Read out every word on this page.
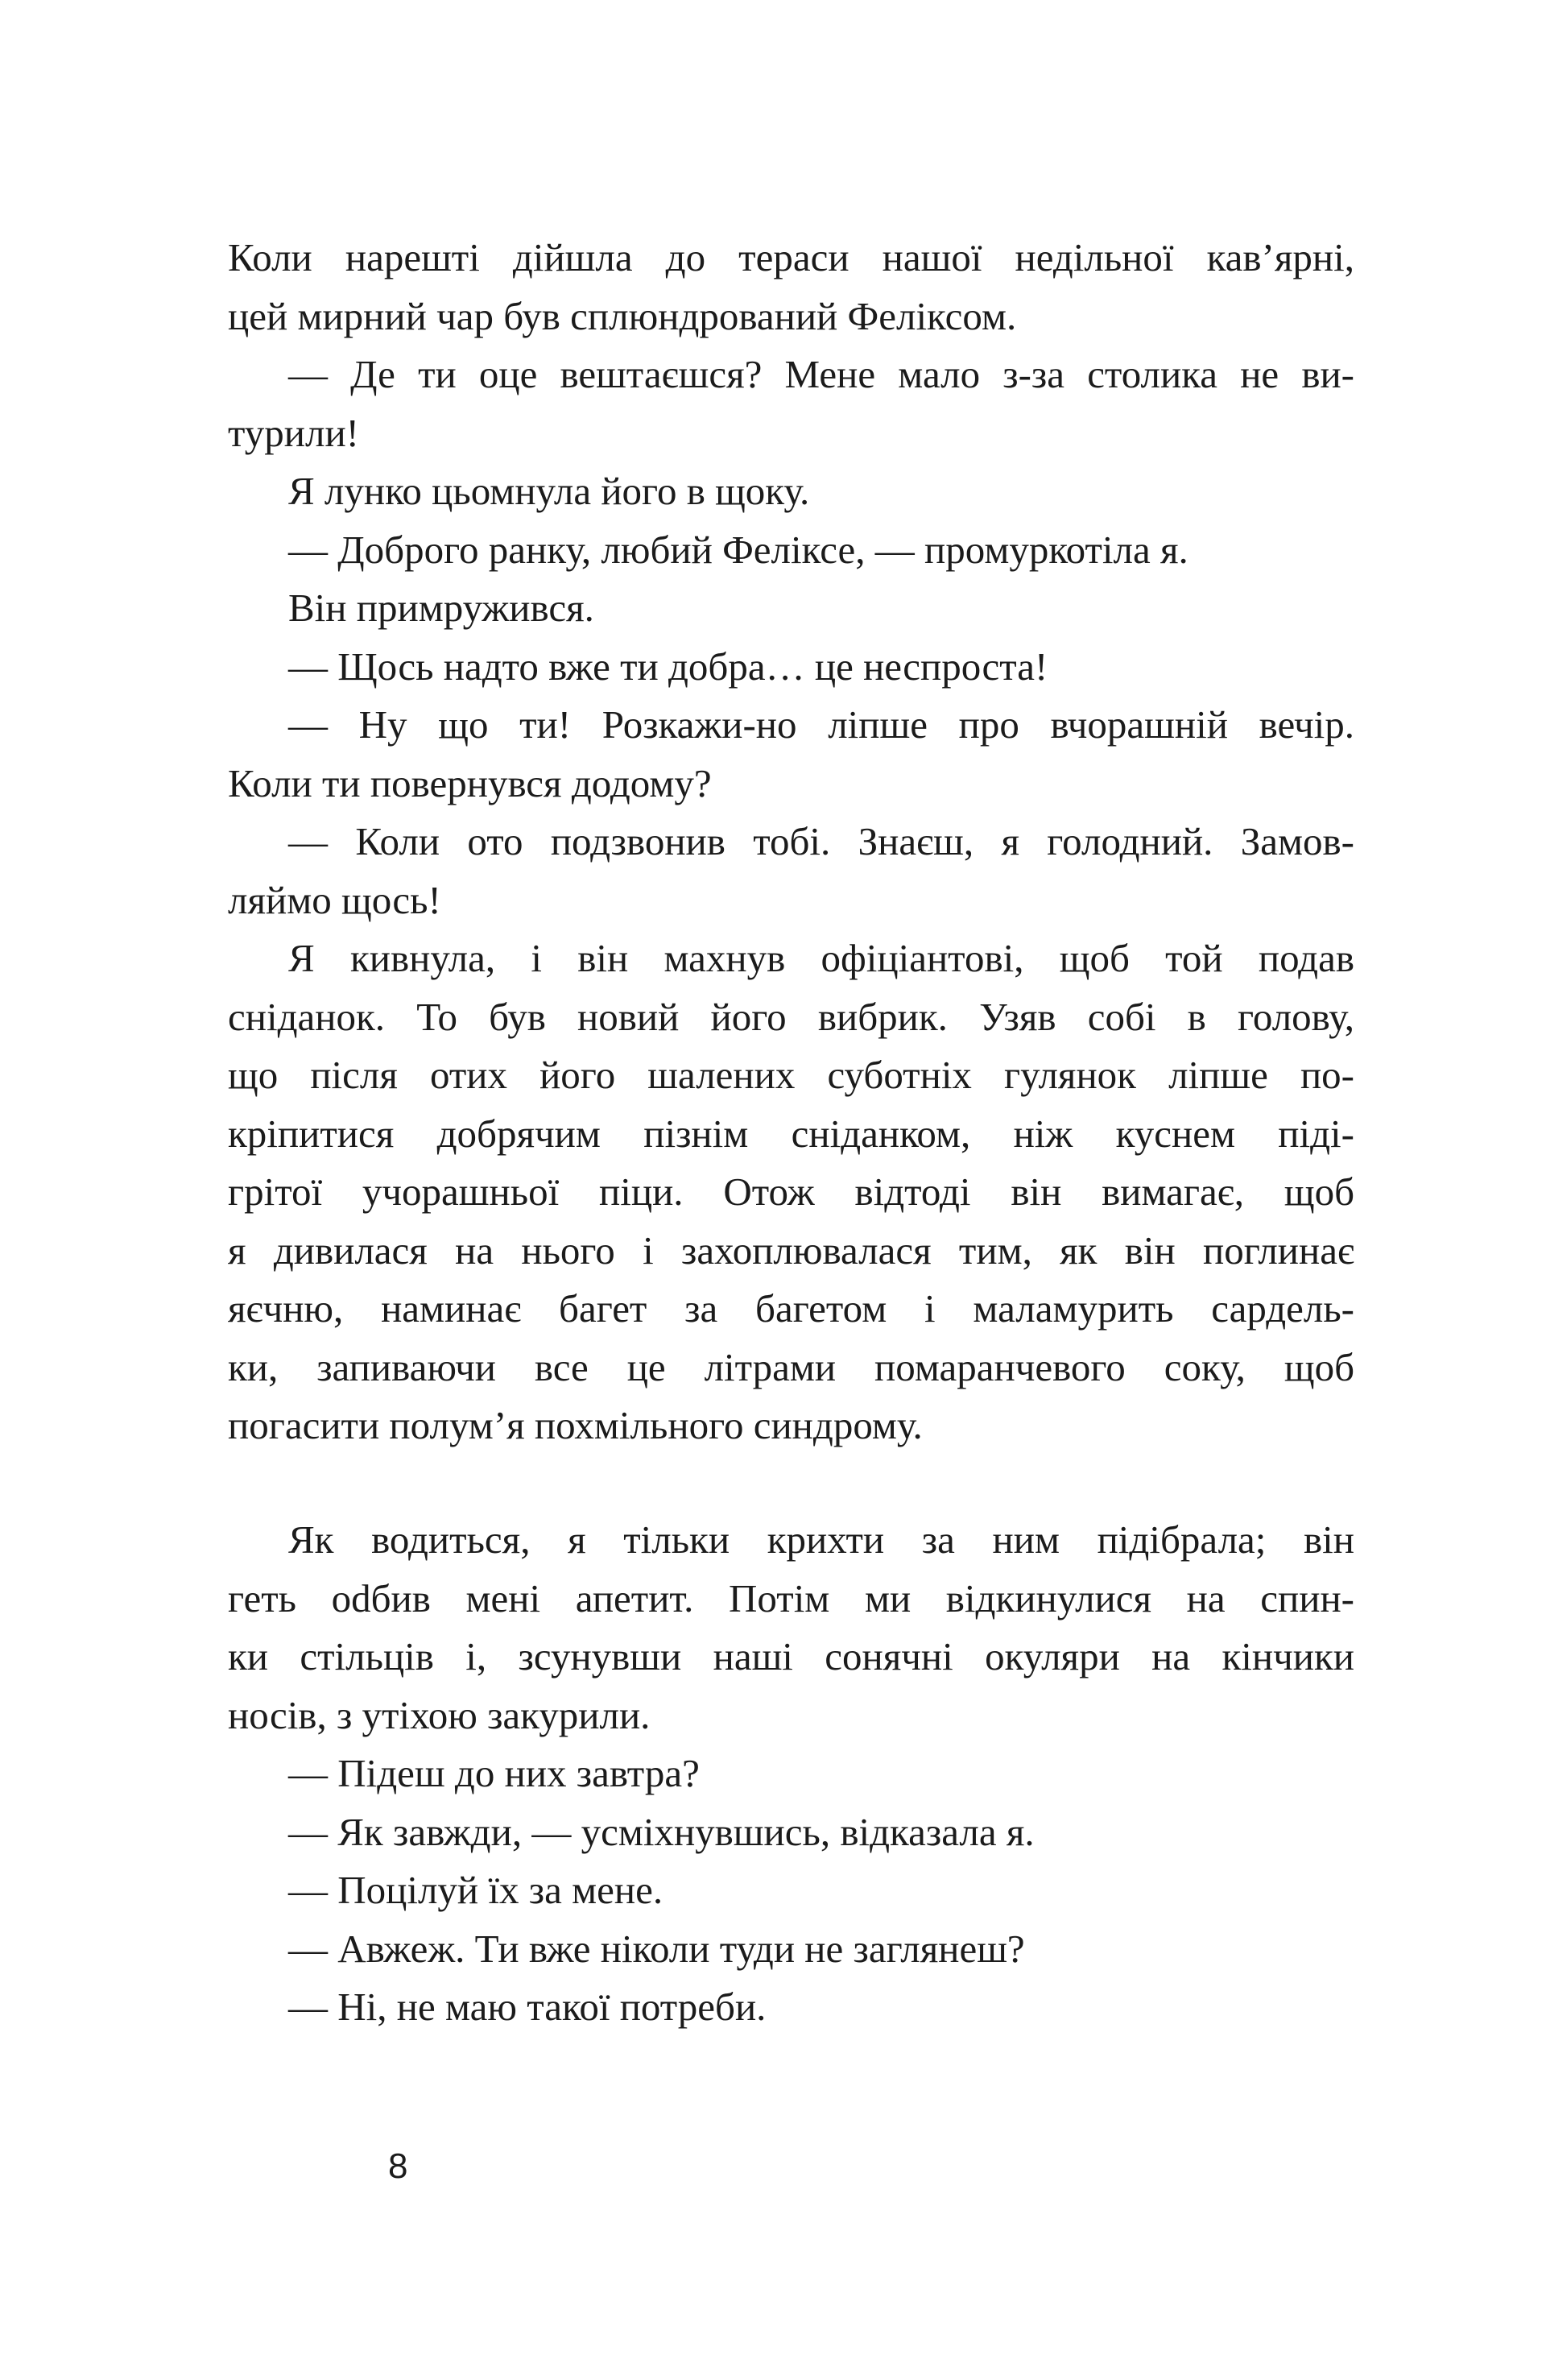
Коли нарешті дійшла до тераси нашої недільної кав’ярні,
цей мирний чар був сплюндрований Феліксом.
— Де ти оце вештаєшся? Мене мало з-за столика не ви-
турили!
Я лунко цьомнула його в щоку.
— Доброго ранку, любий Феліксе, — промуркотіла я.
Він примружився.
— Щось надто вже ти добра… це неспроста!
— Ну що ти! Розкажи-но ліпше про вчорашній вечір.
Коли ти повернувся додому?
— Коли ото подзвонив тобі. Знаєш, я голодний. Замов-
ляймо щось!
Я кивнула, і він махнув офіціантові, щоб той подав
сніданок. То був новий його вибрик. Узяв собі в голову,
що після отих його шалених суботніх гулянок ліпше по-
кріпитися добрячим пізнім сніданком, ніж куснем піді-
грітої учорашньої піци. Отож відтоді він вимагає, щоб
я дивилася на нього і захоплювалася тим, як він поглинає
яєчню, наминає багет за багетом і маламурить сардель-
ки, запиваючи все це літрами помаранчевого соку, щоб
погасити полум’я похмільного синдрому.
Як водиться, я тільки крихти за ним підібрала; він
геть odбив мені апетит. Потім ми відкинулися на спин-
ки стільців і, зсунувши наші сонячні окуляри на кінчики
носів, з утіхою закурили.
— Підеш до них завтра?
— Як завжди, — усміхнувшись, відказала я.
— Поцілуй їх за мене.
— Авжеж. Ти вже ніколи туди не заглянеш?
— Ні, не маю такої потреби.
8
